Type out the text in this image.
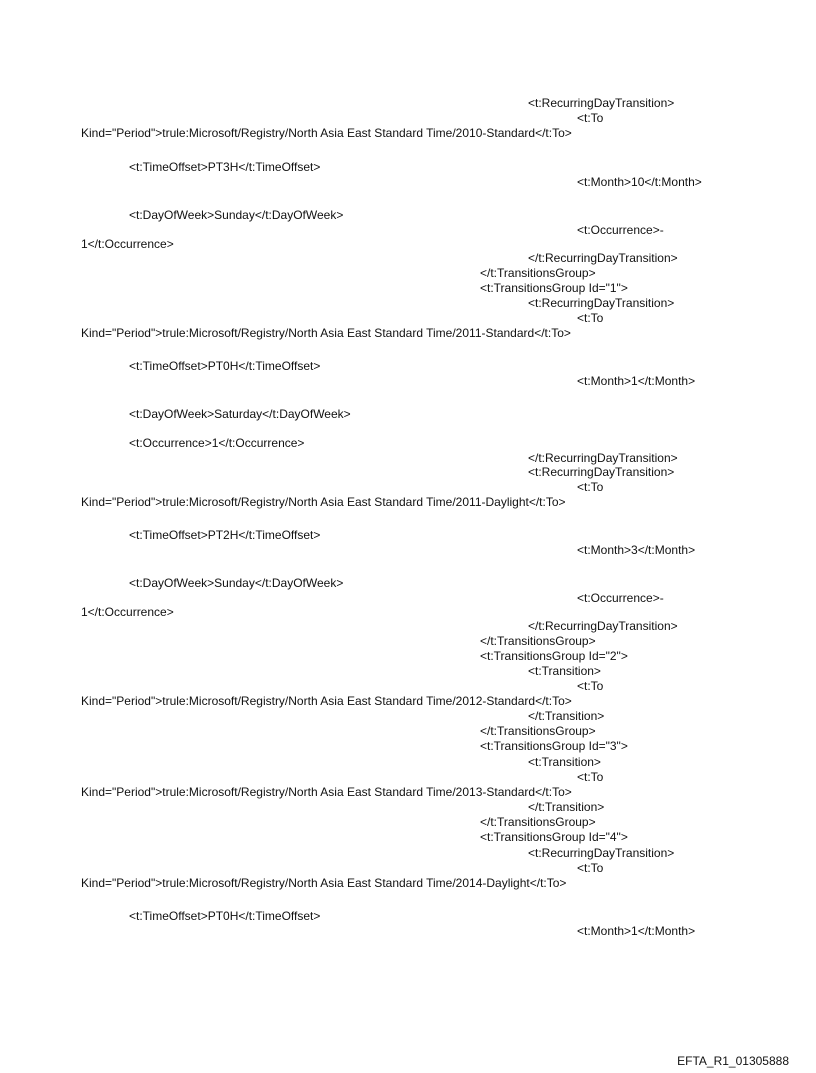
<t:RecurringDayTransition>
<t:To
Kind="Period">trule:Microsoft/Registry/North Asia East Standard Time/2010-Standard</t:To>
<t:TimeOffset>PT3H</t:TimeOffset>
<t:Month>10</t:Month>
<t:DayOfWeek>Sunday</t:DayOfWeek>
<t:Occurrence>-
1</t:Occurrence>
</t:RecurringDayTransition>
</t:TransitionsGroup>
<t:TransitionsGroup Id="1">
<t:RecurringDayTransition>
<t:To
Kind="Period">trule:Microsoft/Registry/North Asia East Standard Time/2011-Standard</t:To>
<t:TimeOffset>PT0H</t:TimeOffset>
<t:Month>1</t:Month>
<t:DayOfWeek>Saturday</t:DayOfWeek>
<t:Occurrence>1</t:Occurrence>
</t:RecurringDayTransition>
<t:RecurringDayTransition>
<t:To
Kind="Period">trule:Microsoft/Registry/North Asia East Standard Time/2011-Daylight</t:To>
<t:TimeOffset>PT2H</t:TimeOffset>
<t:Month>3</t:Month>
<t:DayOfWeek>Sunday</t:DayOfWeek>
<t:Occurrence>-
1</t:Occurrence>
</t:RecurringDayTransition>
</t:TransitionsGroup>
<t:TransitionsGroup Id="2">
<t:Transition>
<t:To
Kind="Period">trule:Microsoft/Registry/North Asia East Standard Time/2012-Standard</t:To>
</t:Transition>
</t:TransitionsGroup>
<t:TransitionsGroup Id="3">
<t:Transition>
<t:To
Kind="Period">trule:Microsoft/Registry/North Asia East Standard Time/2013-Standard</t:To>
</t:Transition>
</t:TransitionsGroup>
<t:TransitionsGroup Id="4">
<t:RecurringDayTransition>
<t:To
Kind="Period">trule:Microsoft/Registry/North Asia East Standard Time/2014-Daylight</t:To>
<t:TimeOffset>PT0H</t:TimeOffset>
<t:Month>1</t:Month>
EFTA_R1_01305888
